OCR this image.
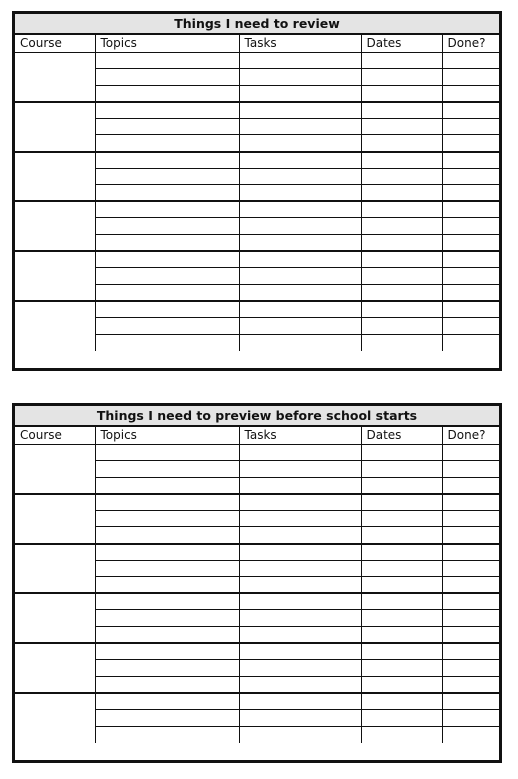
Things I need to review
Course	Topics	Tasks	Dates	Done?

Things I need to preview before school starts
Course	Topics	Tasks	Dates	Done?
